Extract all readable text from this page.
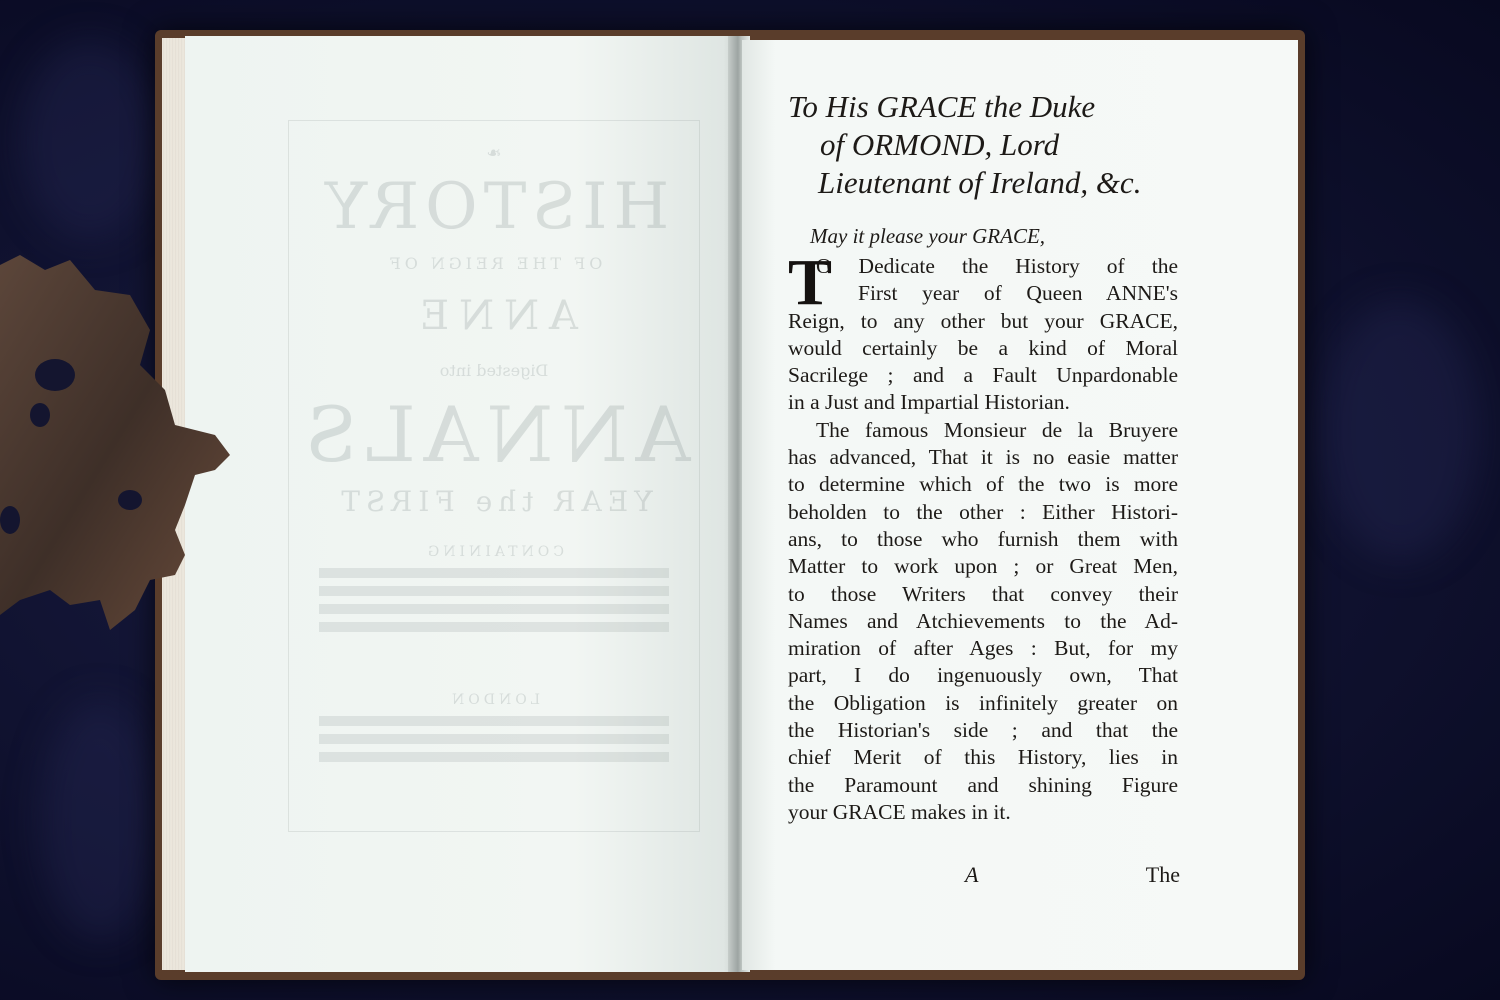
❧
HISTORY
OF THE REIGN OF
ANNE
Digested into
ANNALS
YEAR the FIRST
CONTAINING
LONDON
To His GRACE the Duke
of ORMOND, Lord
Lieutenant of Ireland, &c.
May it please your GRACE,
T
O Dedicate the History of the
First year of Queen ANNE's
Reign, to any other but your GRACE,
would certainly be a kind of Moral
Sacrilege ; and a Fault Unpardonable
in a Just and Impartial Historian.
The famous Monsieur de la Bruyere
has advanced, That it is no easie matter
to determine which of the two is more
beholden to the other : Either Histori-
ans, to those who furnish them with
Matter to work upon ; or Great Men,
to those Writers that convey their
Names and Atchievements to the Ad-
miration of after Ages : But, for my
part, I do ingenuously own, That
the Obligation is infinitely greater on
the Historian's side ; and that the
chief Merit of this History, lies in
the Paramount and shining Figure
your GRACE makes in it.
A	The
